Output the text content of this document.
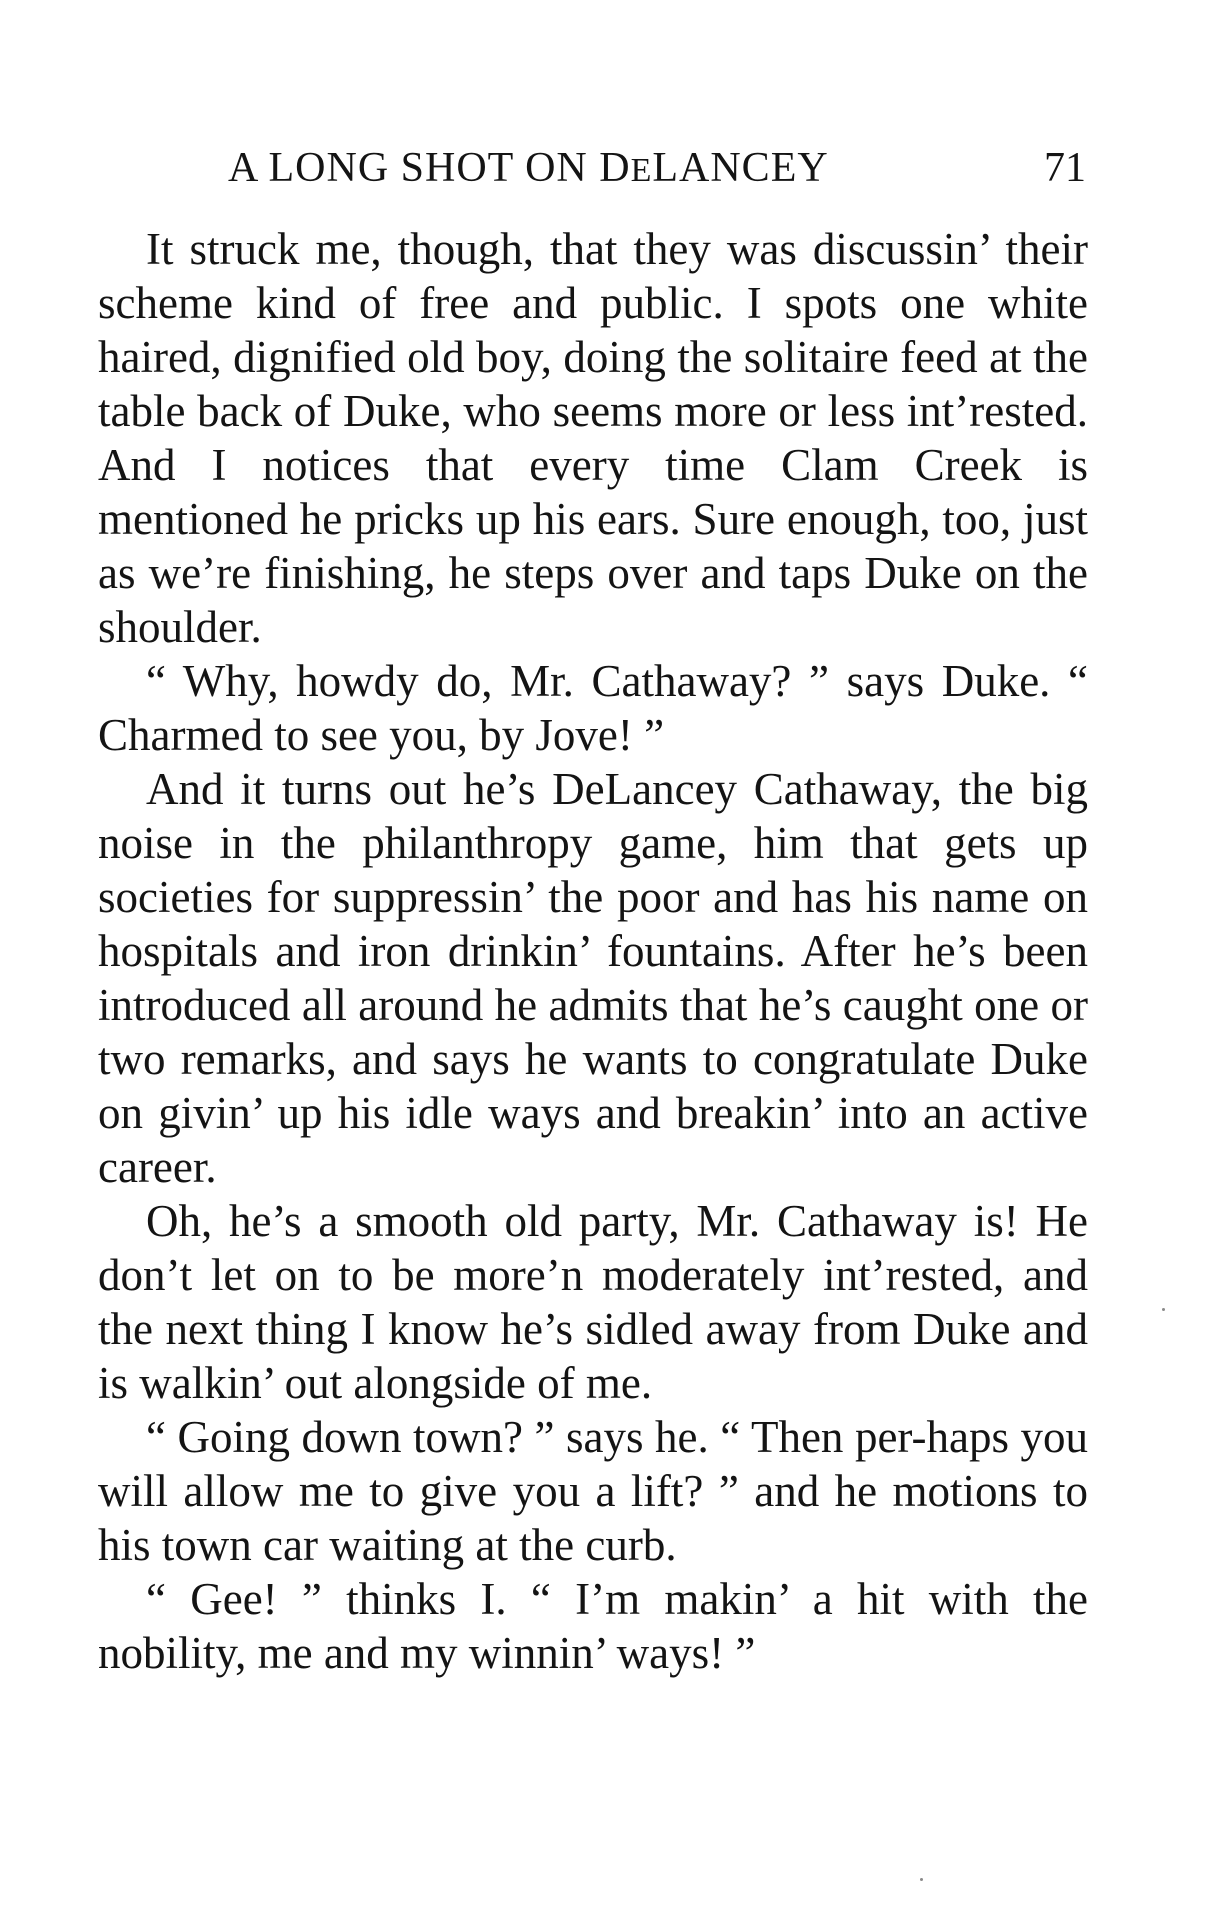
A LONG SHOT ON DELANCEY	71

It struck me, though, that they was discussin’ their scheme kind of free and public. I spots one white haired, dignified old boy, doing the solitaire feed at the table back of Duke, who seems more or less int’rested. And I notices that every time Clam Creek is mentioned he pricks up his ears. Sure enough, too, just as we’re finishing, he steps over and taps Duke on the shoulder.

“ Why, howdy do, Mr. Cathaway? ” says Duke. “ Charmed to see you, by Jove! ”

And it turns out he’s DeLancey Cathaway, the big noise in the philanthropy game, him that gets up societies for suppressin’ the poor and has his name on hospitals and iron drinkin’ fountains. After he’s been introduced all around he admits that he’s caught one or two remarks, and says he wants to congratulate Duke on givin’ up his idle ways and breakin’ into an active career.

Oh, he’s a smooth old party, Mr. Cathaway is! He don’t let on to be more’n moderately int’rested, and the next thing I know he’s sidled away from Duke and is walkin’ out alongside of me.

“ Going down town? ” says he. “ Then per-haps you will allow me to give you a lift? ” and he motions to his town car waiting at the curb.

“ Gee! ” thinks I. “ I’m makin’ a hit with the nobility, me and my winnin’ ways! ”
